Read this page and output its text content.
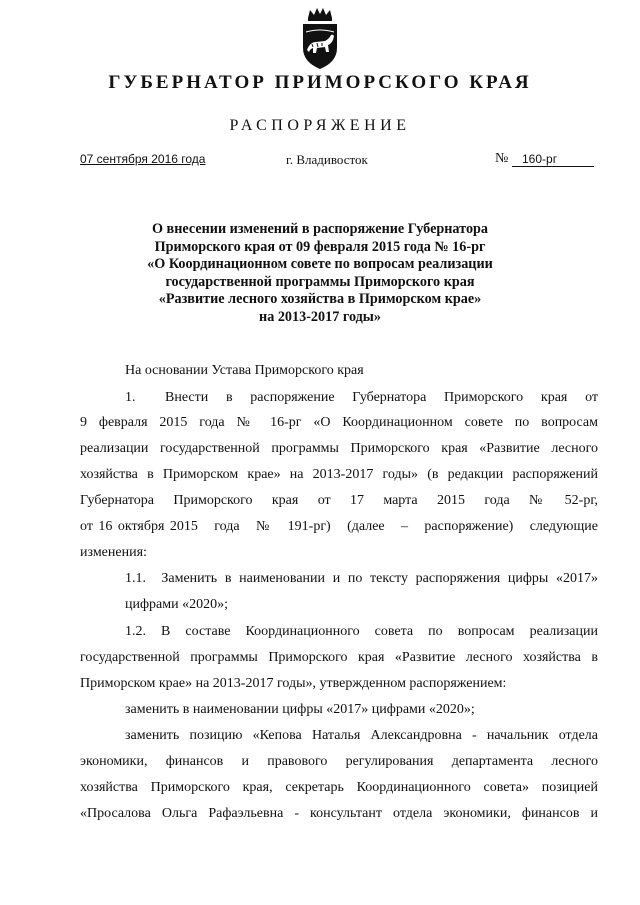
ГУБЕРНАТОР ПРИМОРСКОГО КРАЯ
РАСПОРЯЖЕНИЕ
07 сентября 2016 года	г. Владивосток	№	160-рг
О внесении изменений в распоряжение Губернатора
Приморского края от 09 февраля 2015 года № 16-рг
«О Координационном совете по вопросам реализации
государственной программы Приморского края
«Развитие лесного хозяйства в Приморском крае»
на 2013-2017 годы»
На основании Устава Приморского края
1.     Внести   в   распоряжение   Губернатора   Приморского   края   от
9 февраля 2015 года № 16-рг «О Координационном совете по вопросам
реализации государственной программы Приморского края «Развитие лесного
хозяйства в Приморском крае» на 2013-2017 годы» (в редакции распоряжений
Губернатора   Приморского   края   от   17   марта   2015   года   №   52-рг,
от 16 октября 2015   года   №   191-рг)   (далее   –   распоряжение)   следующие
изменения:
1.1.  Заменить в наименовании и по тексту распоряжения цифры «2017»
цифрами «2020»;
1.2. В составе Координационного совета по вопросам реализации
государственной программы Приморского края «Развитие лесного хозяйства в
Приморском крае» на 2013-2017 годы», утвержденном распоряжением:
заменить в наименовании цифры «2017» цифрами «2020»;
заменить позицию «Кепова Наталья Александровна - начальник отдела
экономики, финансов и правового регулирования департамента лесного
хозяйства Приморского края, секретарь Координационного совета» позицией
«Просалова Ольга Рафаэльевна - консультант отдела экономики, финансов и
